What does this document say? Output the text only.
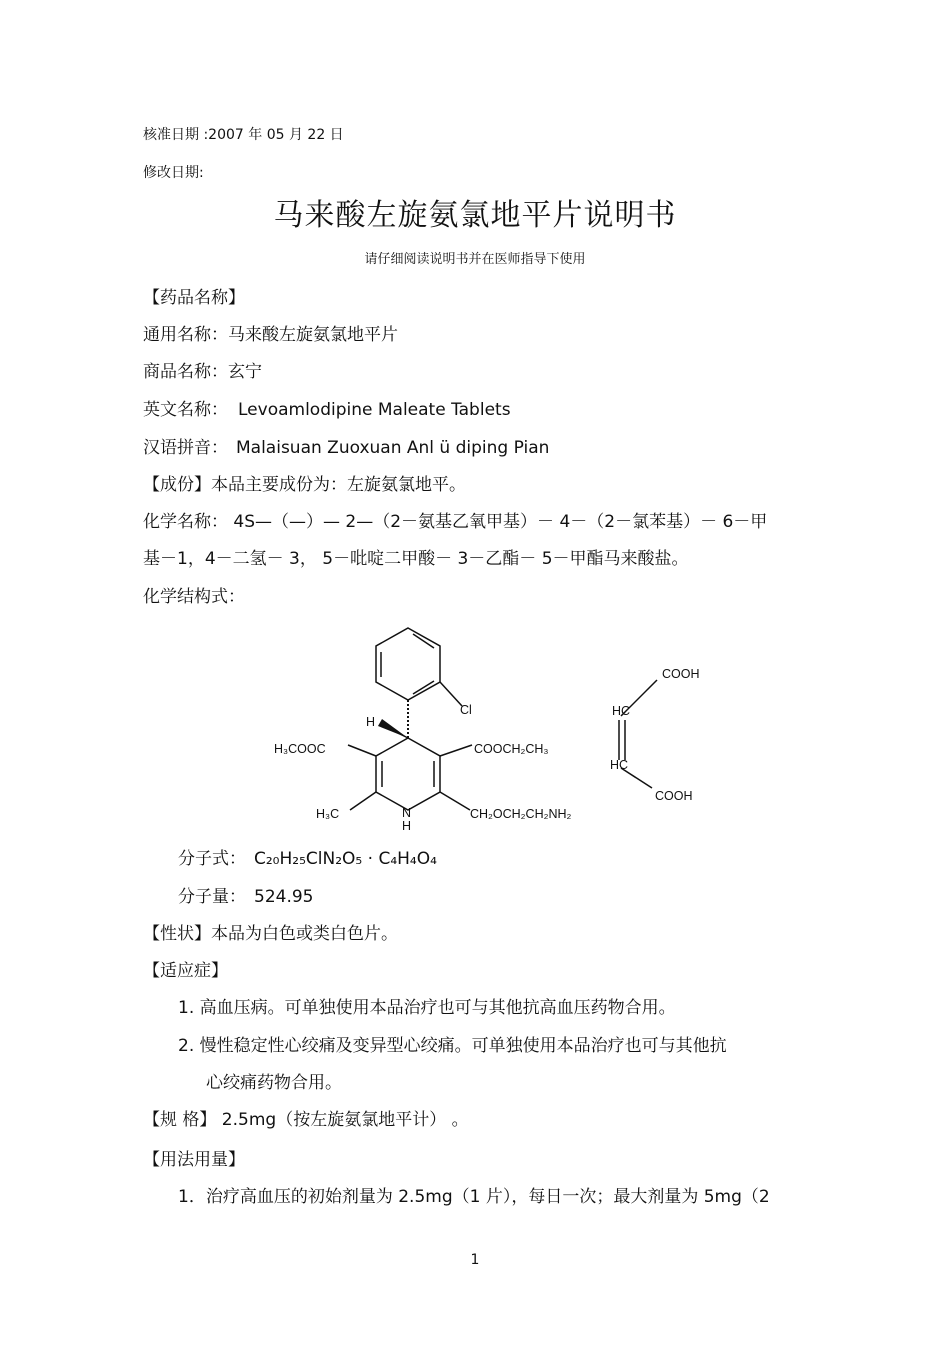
核准日期 :2007 年 05 月 22 日
修改日期:
马来酸左旋氨氯地平片说明书
请仔细阅读说明书并在医师指导下使用
【药品名称】
通用名称：马来酸左旋氨氯地平片
商品名称：玄宁
英文名称： Levoamlodipine Maleate Tablets
汉语拼音： Malaisuan Zuoxuan Anl ü diping Pian
【成份】本品主要成份为：左旋氨氯地平。
化学名称： 4S—（—）— 2—（2－氨基乙氧甲基）－ 4－（2－氯苯基）－ 6－甲
基－1，4－二氢－ 3， 5－吡啶二甲酸－ 3－乙酯－ 5－甲酯马来酸盐。
化学结构式：
Cl
H
H₃COOC	COOCH₂CH₃
H₃C	N
H
CH₂OCH₂CH₂NH₂
COOH
HC
HC
COOH
分子式： C₂₀H₂₅ClN₂O₅ · C₄H₄O₄
分子量： 524.95
【性状】本品为白色或类白色片。
【适应症】
1. 高血压病。可单独使用本品治疗也可与其他抗高血压药物合用。
2. 慢性稳定性心绞痛及变异型心绞痛。可单独使用本品治疗也可与其他抗
心绞痛药物合用。
【规 格】 2.5mg（按左旋氨氯地平计） 。
【用法用量】
1．治疗高血压的初始剂量为 2.5mg（1 片），每日一次；最大剂量为 5mg（2
1
